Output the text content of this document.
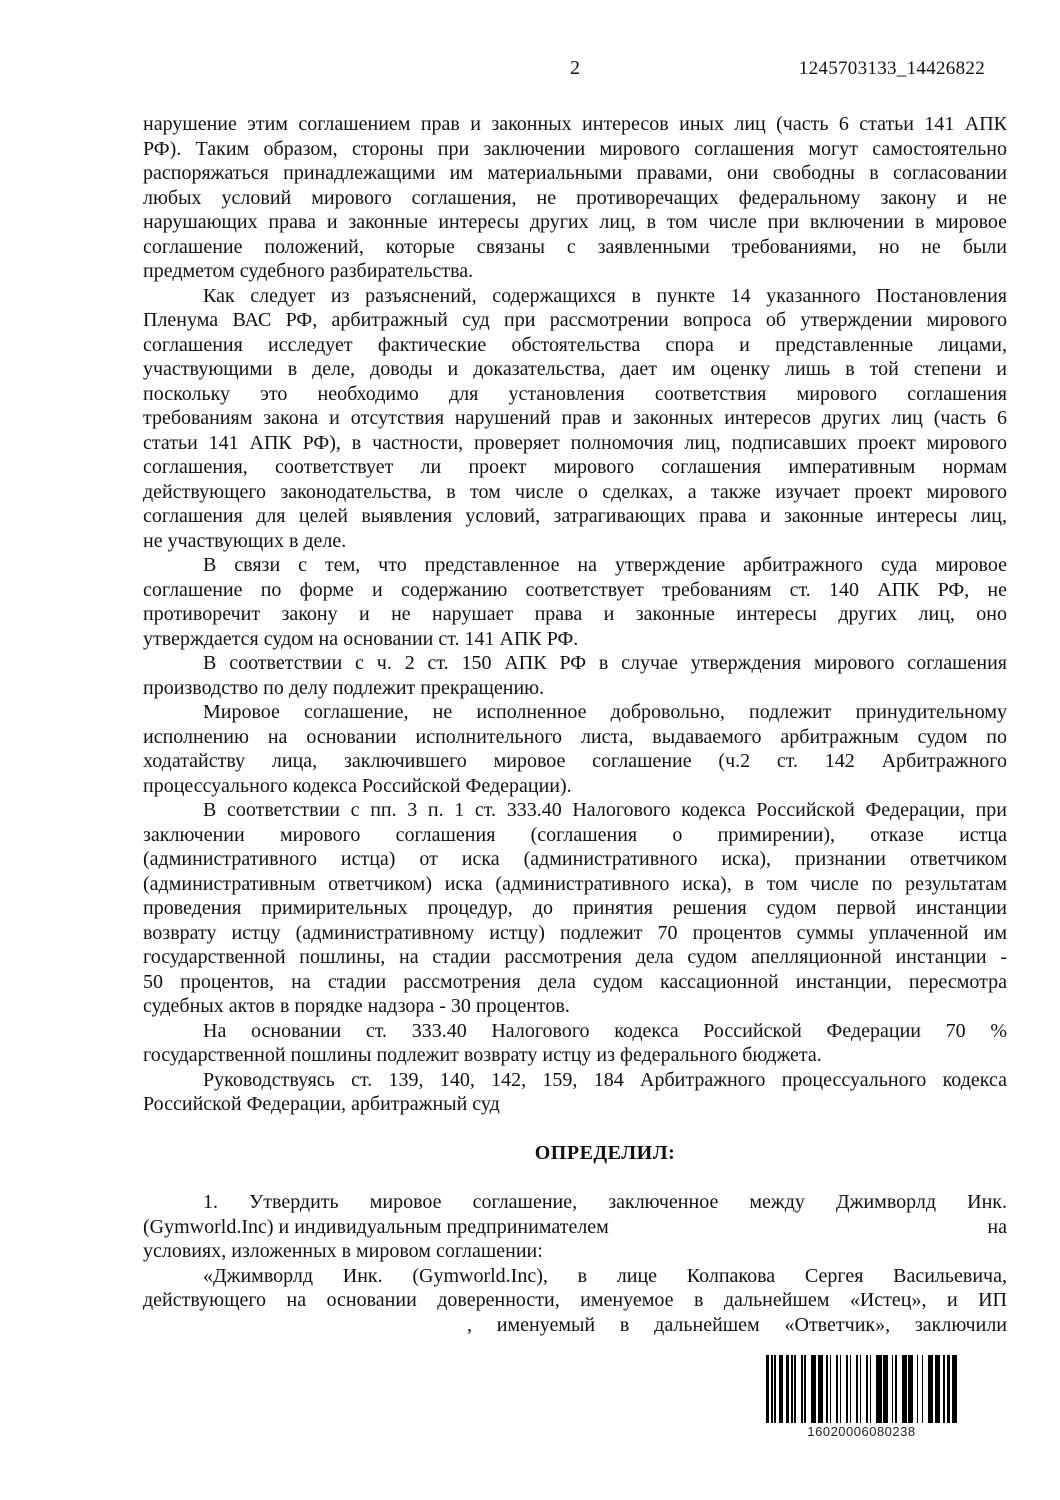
2	1245703133_14426822
нарушение этим соглашением прав и законных интересов иных лиц (часть 6 статьи 141 АПК
РФ). Таким образом, стороны при заключении мирового соглашения могут самостоятельно
распоряжаться принадлежащими им материальными правами, они свободны в согласовании
любых условий мирового соглашения, не противоречащих федеральному закону и не
нарушающих права и законные интересы других лиц, в том числе при включении в мировое
соглашение положений, которые связаны с заявленными требованиями, но не были
предметом судебного разбирательства.
Как следует из разъяснений, содержащихся в пункте 14 указанного Постановления
Пленума ВАС РФ, арбитражный суд при рассмотрении вопроса об утверждении мирового
соглашения исследует фактические обстоятельства спора и представленные лицами,
участвующими в деле, доводы и доказательства, дает им оценку лишь в той степени и
поскольку это необходимо для установления соответствия мирового соглашения
требованиям закона и отсутствия нарушений прав и законных интересов других лиц (часть 6
статьи 141 АПК РФ), в частности, проверяет полномочия лиц, подписавших проект мирового
соглашения, соответствует ли проект мирового соглашения императивным нормам
действующего законодательства, в том числе о сделках, а также изучает проект мирового
соглашения для целей выявления условий, затрагивающих права и законные интересы лиц,
не участвующих в деле.
В связи с тем, что представленное на утверждение арбитражного суда мировое
соглашение по форме и содержанию соответствует требованиям ст. 140 АПК РФ, не
противоречит закону и не нарушает права и законные интересы других лиц, оно
утверждается судом на основании ст. 141 АПК РФ.
В соответствии с ч. 2 ст. 150 АПК РФ в случае утверждения мирового соглашения
производство по делу подлежит прекращению.
Мировое соглашение, не исполненное добровольно, подлежит принудительному
исполнению на основании исполнительного листа, выдаваемого арбитражным судом по
ходатайству лица, заключившего мировое соглашение (ч.2 ст. 142 Арбитражного
процессуального кодекса Российской Федерации).
В соответствии с пп. 3 п. 1 ст. 333.40 Налогового кодекса Российской Федерации, при
заключении мирового соглашения (соглашения о примирении), отказе истца
(административного истца) от иска (административного иска), признании ответчиком
(административным ответчиком) иска (административного иска), в том числе по результатам
проведения примирительных процедур, до принятия решения судом первой инстанции
возврату истцу (административному истцу) подлежит 70 процентов суммы уплаченной им
государственной пошлины, на стадии рассмотрения дела судом апелляционной инстанции -
50 процентов, на стадии рассмотрения дела судом кассационной инстанции, пересмотра
судебных актов в порядке надзора - 30 процентов.
На основании ст. 333.40 Налогового кодекса Российской Федерации 70 %
государственной пошлины подлежит возврату истцу из федерального бюджета.
Руководствуясь ст. 139, 140, 142, 159, 184 Арбитражного процессуального кодекса
Российской Федерации, арбитражный суд
ОПРЕДЕЛИЛ:
1. Утвердить мировое соглашение, заключенное между Джимворлд Инк.
(Gymworld.Inc) и индивидуальным предпринимателем	на
условиях, изложенных в мировом соглашении:
«Джимворлд Инк. (Gymworld.Inc), в лице Колпакова Сергея Васильевича,
действующего на основании доверенности, именуемое в дальнейшем «Истец», и ИП
, именуемый в дальнейшем «Ответчик», заключили
16020006080238
